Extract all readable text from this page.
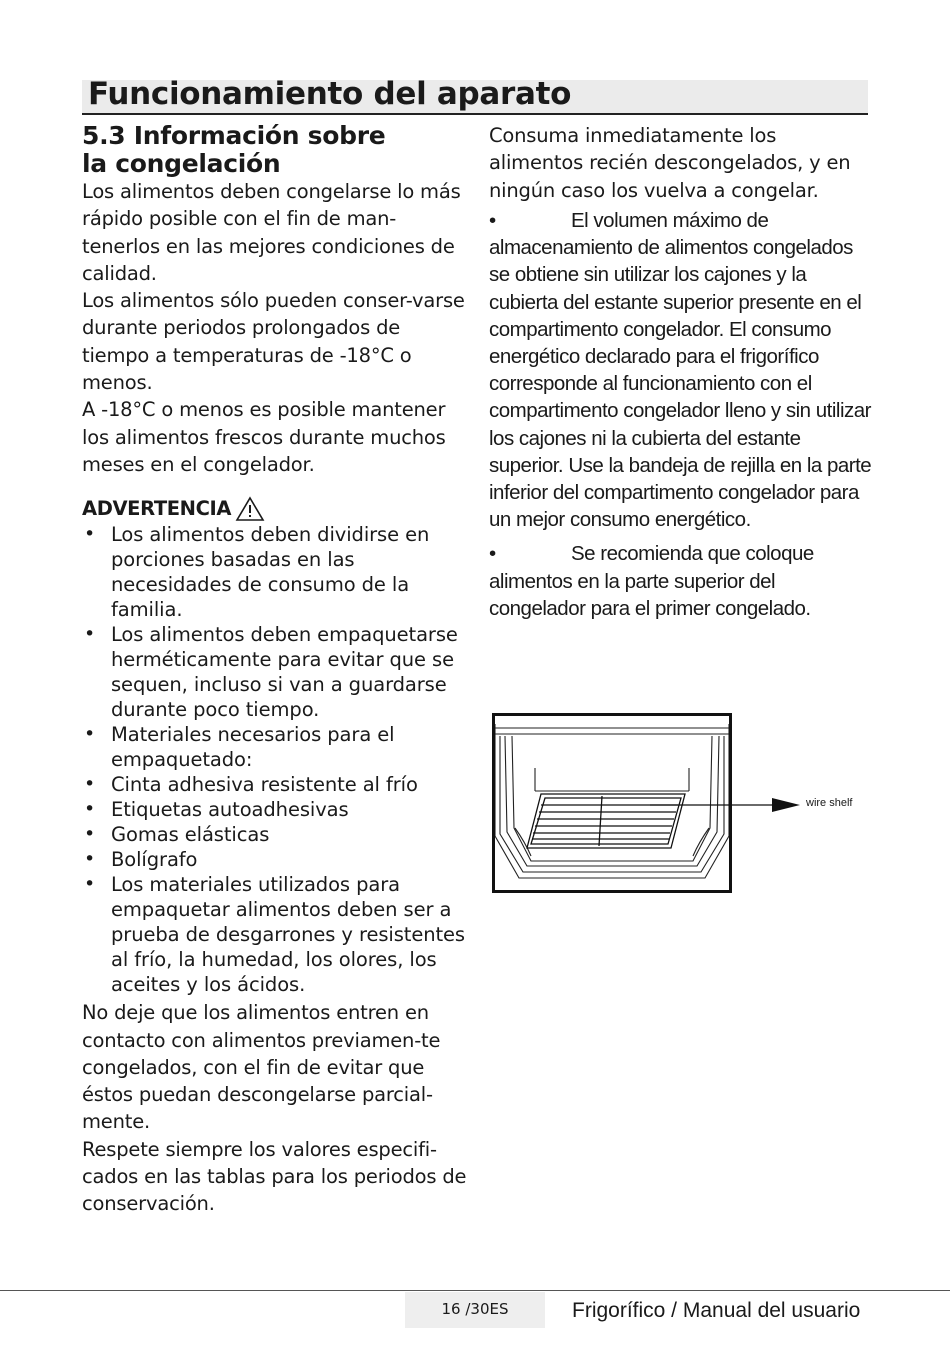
Funcionamiento del aparato
5.3 Información sobre
la congelación

Los alimentos deben congelarse lo más rápido posible con el fin de man-tenerlos en las mejores condiciones de calidad.

Los alimentos sólo pueden conser-varse durante periodos prolongados de tiempo a temperaturas de -18°C o menos.

A -18°C o menos es posible mantener los alimentos frescos durante muchos meses en el congelador.

ADVERTENCIA
• Los alimentos deben dividirse en porciones basadas en las necesidades de consumo de la familia.
• Los alimentos deben empaquetarse herméticamente para evitar que se sequen, incluso si van a guardarse durante poco tiempo.
• Materiales necesarios para el empaquetado:
• Cinta adhesiva resistente al frío
• Etiquetas autoadhesivas
• Gomas elásticas
• Bolígrafo
• Los materiales utilizados para empaquetar alimentos deben ser a prueba de desgarrones y resistentes al frío, la humedad, los olores, los aceites y los ácidos.

No deje que los alimentos entren en contacto con alimentos previamen-te congelados, con el fin de evitar que éstos puedan descongelarse parcial-mente.

Respete siempre los valores especifi-cados en las tablas para los periodos de conservación.

Consuma inmediatamente los alimentos recién descongelados, y en ningún caso los vuelva a congelar.

•	El volumen máximo de almacenamiento de alimentos congelados se obtiene sin utilizar los cajones y la cubierta del estante superior presente en el compartimento congelador. El consumo energético declarado para el frigorífico corresponde al funcionamiento con el compartimento congelador lleno y sin utilizar los cajones ni la cubierta del estante superior. Use la bandeja de rejilla en la parte inferior del compartimento congelador para un mejor consumo energético.

•	Se recomienda que coloque alimentos en la parte superior del congelador para el primer congelado.

wire shelf
16 /30ES	Frigorífico / Manual del usuario
